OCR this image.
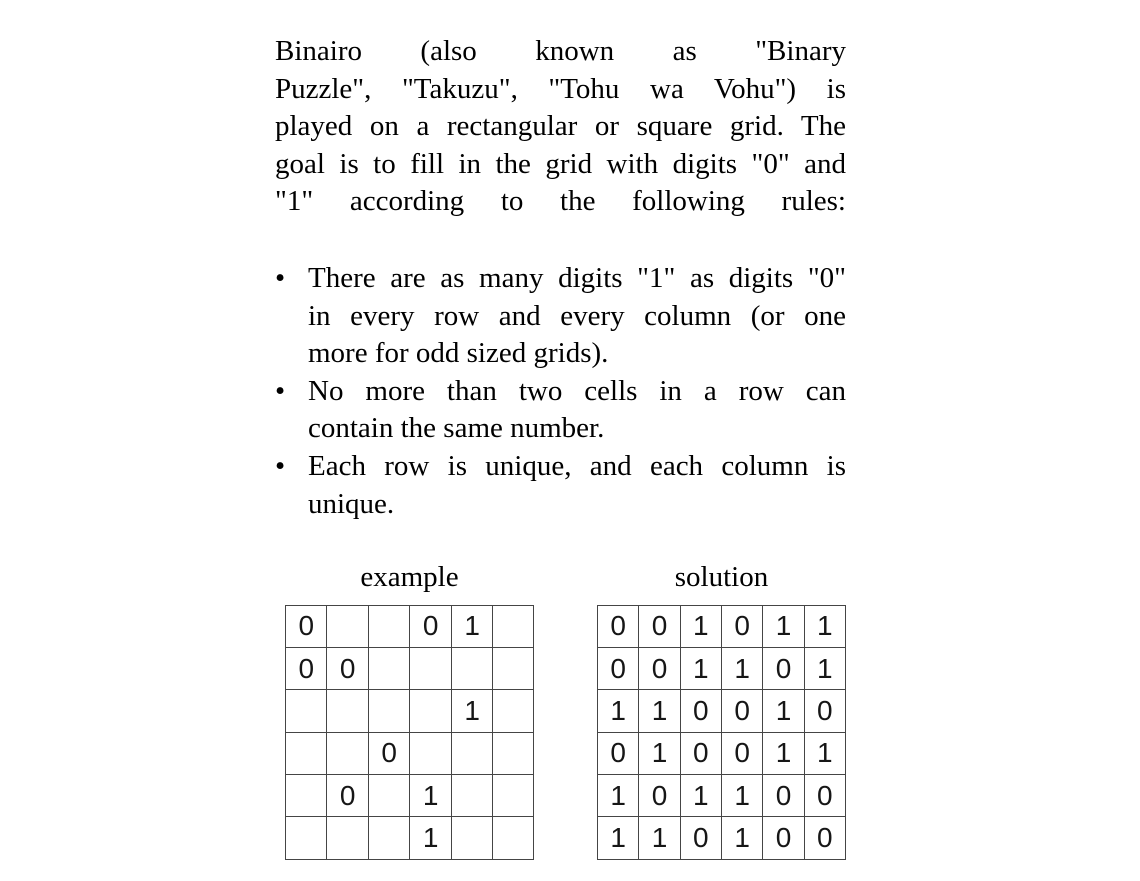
Binairo (also known as "Binary
Puzzle", "Takuzu", "Tohu wa Vohu") is
played on a rectangular or square grid. The
goal is to fill in the grid with digits "0" and
"1" according to the following rules:
• There are as many digits "1" as digits "0"
in every row and every column (or one
more for odd sized grids).
• No more than two cells in a row can
contain the same number.
• Each row is unique, and each column is
unique.
example
0			0	1	
0	0				
				1	
		0			
	0		1		
			1		
solution
0	0	1	0	1	1
0	0	1	1	0	1
1	1	0	0	1	0
0	1	0	0	1	1
1	0	1	1	0	0
1	1	0	1	0	0
